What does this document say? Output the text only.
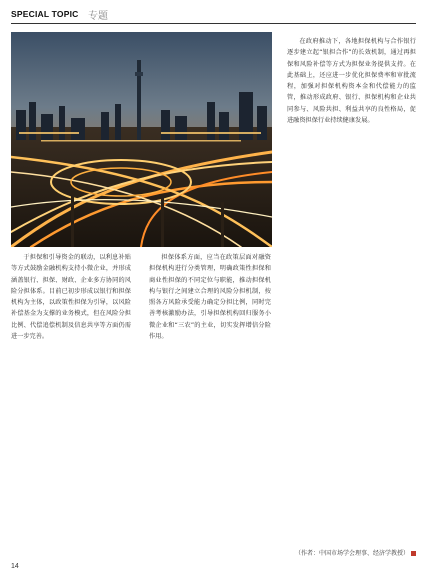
SPECIAL TOPIC 专题

于担保和引导资金的联动，以利息补贴等方式鼓励金融机构支持小微企业，并形成涵盖银行、担保、财政、企业多方协同的风险分担体系。目前已初步形成以银行和担保机构为主体，以政策性担保为引导，以风险补偿基金为支撑的业务模式，但在风险分担比例、代偿追偿机制及信息共享等方面仍需进一步完善。

担保体系方面，应当在政策层面对融资担保机构进行分类管理，明确政策性担保和商业性担保的不同定位与职能，推动担保机构与银行之间建立合理的风险分担机制，按照各方风险承受能力确定分担比例，同时完善考核激励办法，引导担保机构回归服务小微企业和“三农”的主业，切实发挥增信分险作用。

在政府推动下，各地担保机构与合作银行逐步建立起“银担合作”的长效机制，通过再担保和风险补偿等方式为担保业务提供支持。在此基础上，还应进一步优化担保费率和审批流程，加强对担保机构资本金和代偿能力的监管，推动形成政府、银行、担保机构和企业共同参与、风险共担、利益共享的良性格局，促进融资担保行业持续健康发展。

（作者：中国市场学会理事、经济学教授）
14
